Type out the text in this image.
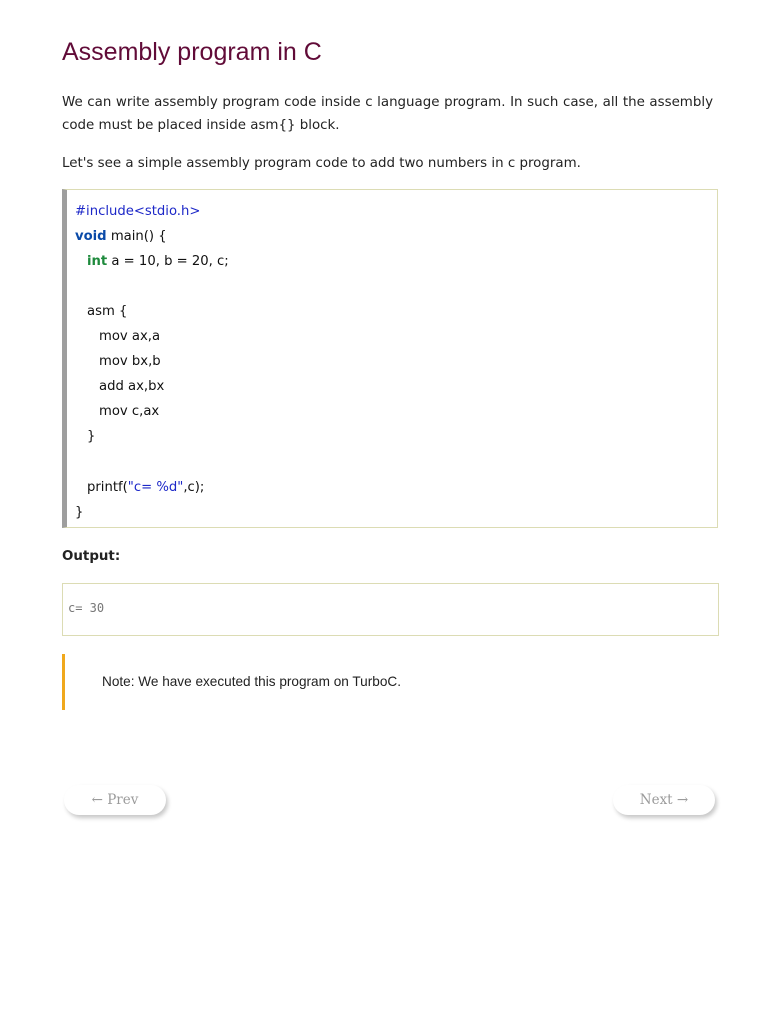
Assembly program in C

We can write assembly program code inside c language program. In such case, all the assembly code must be placed inside asm{} block.

Let's see a simple assembly program code to add two numbers in c program.

#include<stdio.h>
void main() {
int a = 10, b = 20, c;
asm {
mov ax,a
mov bx,b
add ax,bx
mov c,ax
}
printf("c= %d",c);
}
Output:
c= 30
Note: We have executed this program on TurboC.
← Prev	Next →
